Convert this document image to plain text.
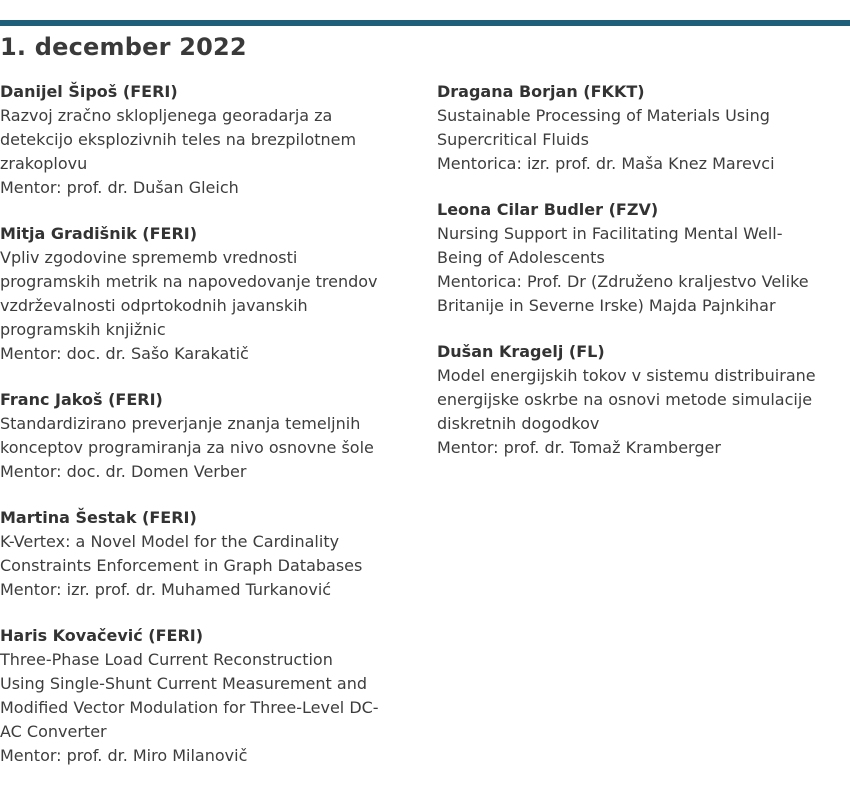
1. december 2022

Danijel Šipoš (FERI)

Razvoj zračno sklopljenega georadarja za
detekcijo eksplozivnih teles na brezpilotnem
zrakoplovu

Mentor: prof. dr. Dušan Gleich

Mitja Gradišnik (FERI)

Vpliv zgodovine sprememb vrednosti
programskih metrik na napovedovanje trendov
vzdrževalnosti odprtokodnih javanskih
programskih knjižnic

Mentor: doc. dr. Sašo Karakatič

Franc Jakoš (FERI)

Standardizirano preverjanje znanja temeljnih
konceptov programiranja za nivo osnovne šole

Mentor: doc. dr. Domen Verber

Martina Šestak (FERI)

K-Vertex: a Novel Model for the Cardinality
Constraints Enforcement in Graph Databases

Mentor: izr. prof. dr. Muhamed Turkanović

Haris Kovačević (FERI)

Three-Phase Load Current Reconstruction
Using Single-Shunt Current Measurement and
Modified Vector Modulation for Three-Level DC-
AC Converter

Mentor: prof. dr. Miro Milanovič

Dragana Borjan (FKKT)

Sustainable Processing of Materials Using
Supercritical Fluids

Mentorica: izr. prof. dr. Maša Knez Marevci

Leona Cilar Budler (FZV)

Nursing Support in Facilitating Mental Well-
Being of Adolescents

Mentorica: Prof. Dr (Združeno kraljestvo Velike
Britanije in Severne Irske) Majda Pajnkihar

Dušan Kragelj (FL)

Model energijskih tokov v sistemu distribuirane
energijske oskrbe na osnovi metode simulacije
diskretnih dogodkov

Mentor: prof. dr. Tomaž Kramberger
